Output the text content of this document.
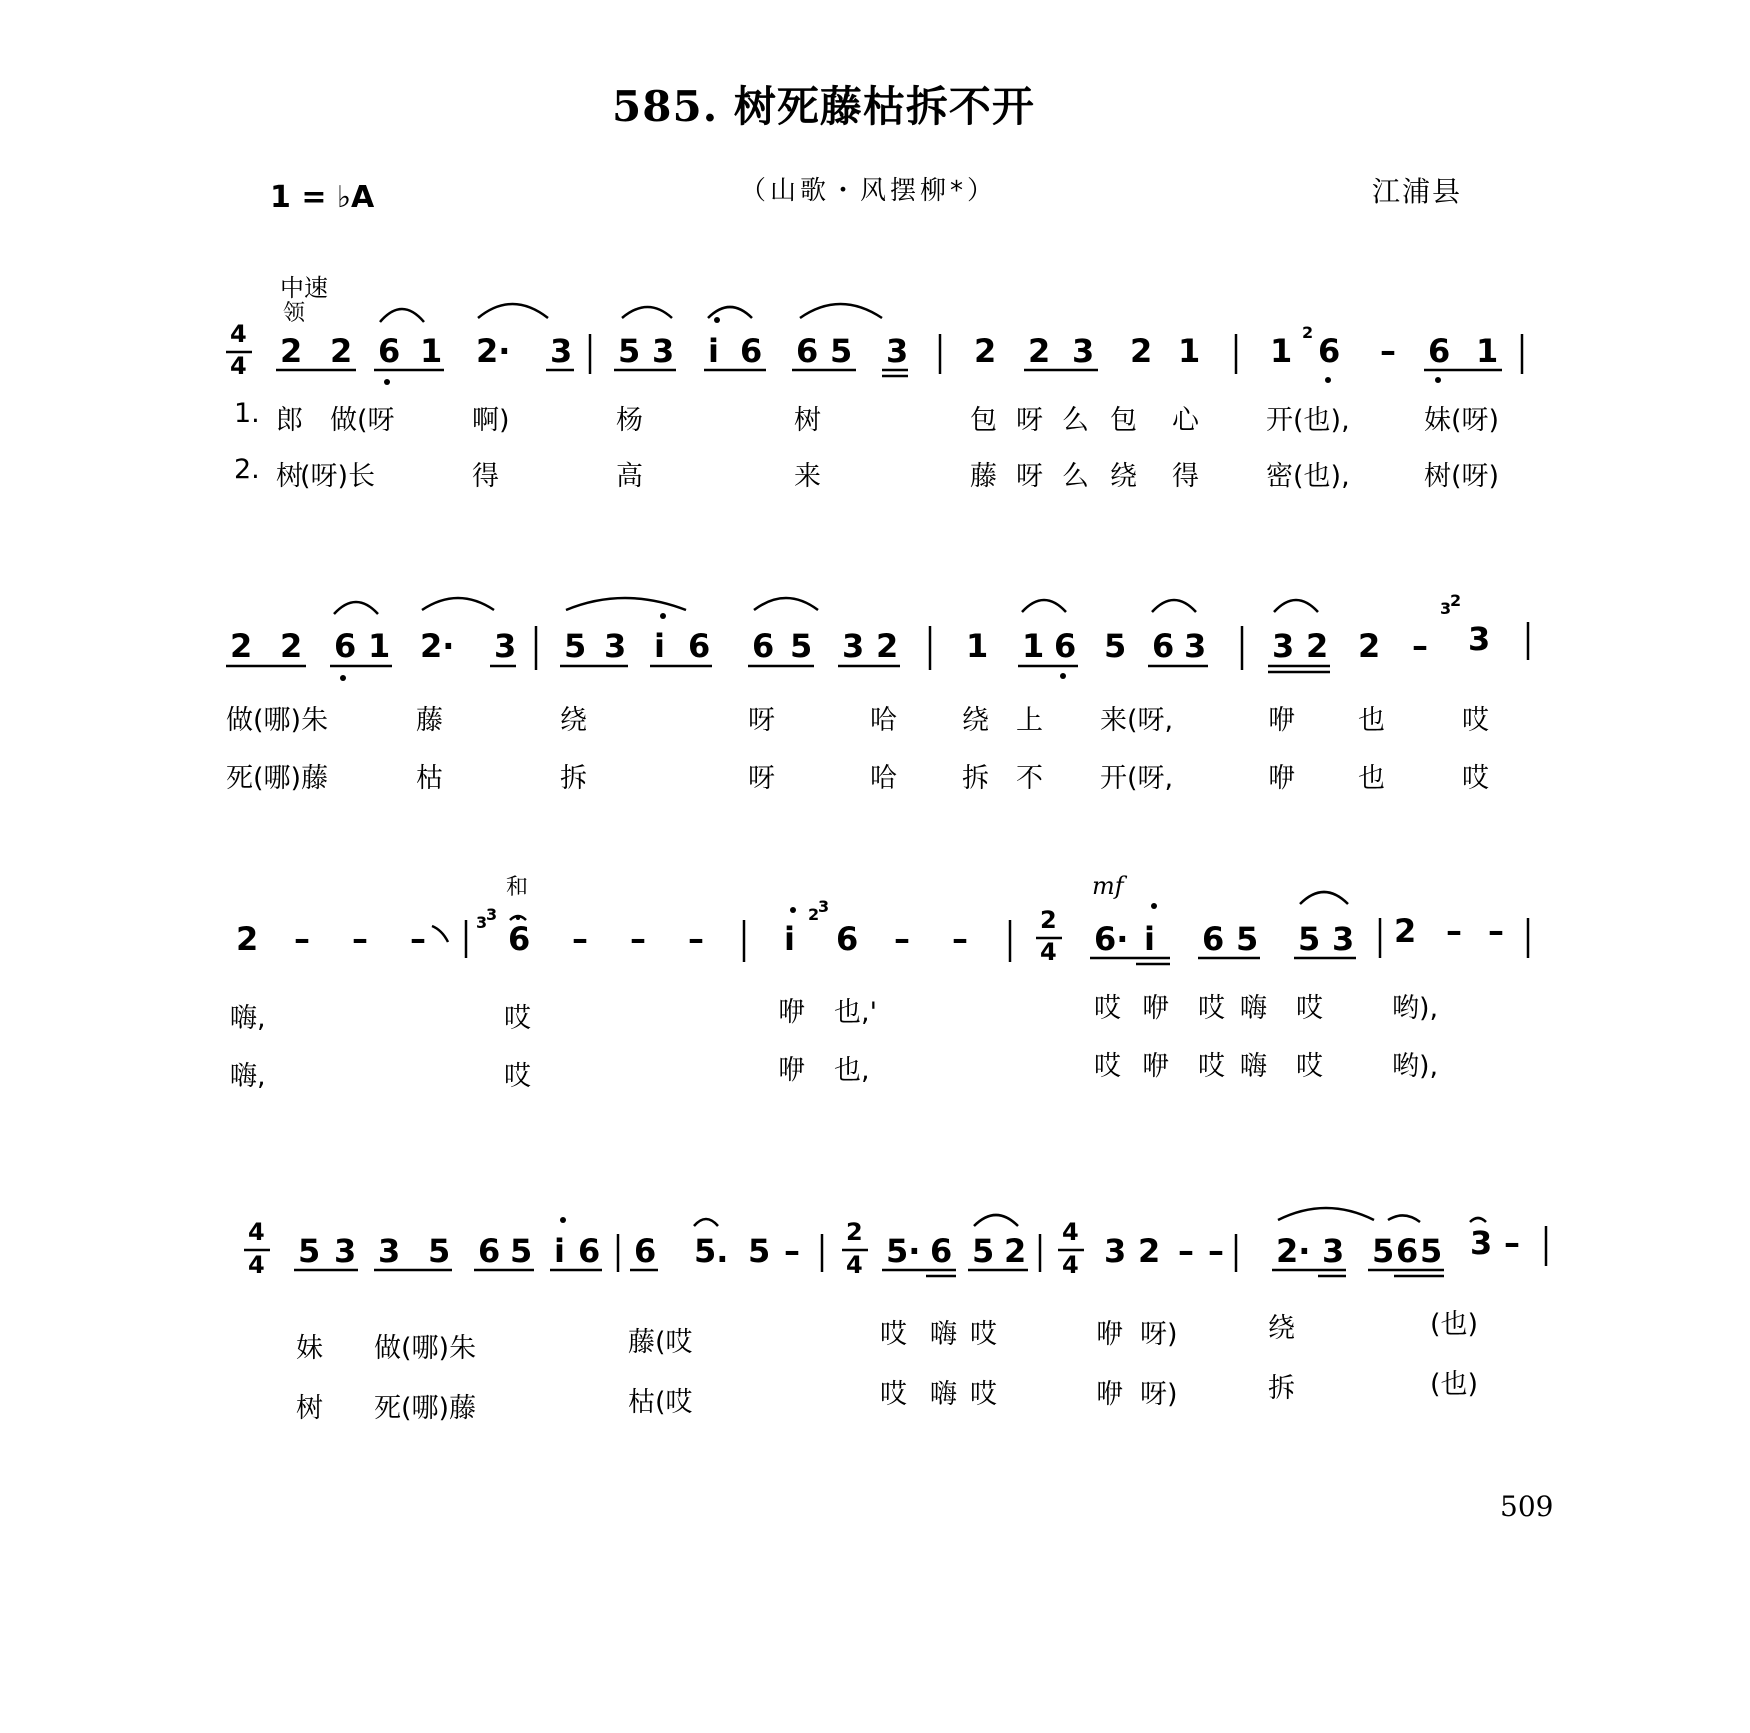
585. 树死藤枯拆不开
1 = ♭A	（山歌・风摆柳*）	江浦县
中速
领
和	mf
4
4 2 2 6 1 2· 3 5 3 i 6 6 5 3 2 2 3 2 1 1 2 6 – 6 1
2 2 6 1 2· 3 5 3 i 6 6 5 3 2 1 1 6 5 6 3 3 2 2 –
3
2
3
2 – – –	3
3
6 – – –	i
2
3
6 – –	2
4 6· i 6 5 5 3 2 – –
4
4 5 3 3 5 6 5 i 6 6 5. 5 – 2
4 5· 6 5 2 4
4 3 2 – – 2· 3 5 6 5 3 –
1. 郎 做(呀	啊)	杨	树	包 呀 么 包 心 开(也),	妹(呀)
2. 树
(呀)长	得	高	来	藤 呀 么 绕 得 密(也),	树(呀)
做(哪)朱	藤	绕	呀	哈 绕 上 来(呀,	咿 也	哎
死(哪)藤	枯	拆	呀	哈 拆 不 开(呀,	咿 也	哎
嗨,	哎	咿 也,'	哎 咿 哎 嗨 哎	哟),
嗨,	哎	咿 也,	哎 咿 哎 嗨 哎	哟),
妹 做(哪)朱	藤(哎	哎 嗨 哎	咿 呀)	绕	(也)
树 死(哪)藤	枯(哎	哎 嗨 哎	咿 呀)	拆	(也)
509
